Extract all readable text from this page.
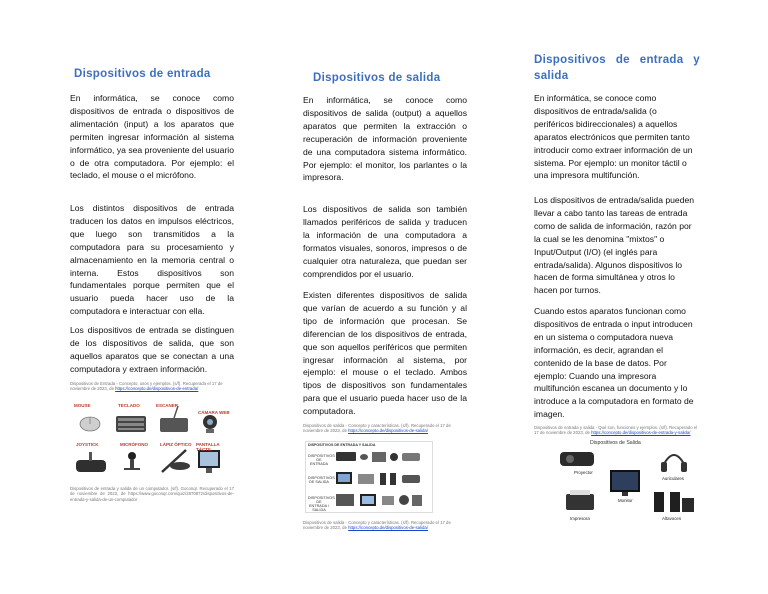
Dispositivos de entrada

En informática, se conoce como dispositivos de entrada o dispositivos de alimentación (input) a los aparatos que permiten ingresar información al sistema informático, ya sea proveniente del usuario o de otra computadora. Por ejemplo: el teclado, el mouse o el micrófono.

Los distintos dispositivos de entrada traducen los datos en impulsos eléctricos, que luego son transmitidos a la computadora para su procesamiento y almacenamiento en la memoria central o interna. Estos dispositivos son fundamentales porque permiten que el usuario pueda hacer uso de la computadora e interactuar con ella.

Los dispositivos de entrada se distinguen de los dispositivos de salida, que son aquellos aparatos que se conectan a una computadora y extraen información.

Dispositivos de Entrada - Concepto, usos y ejemplos. (s/f). Recuperado el 17 de noviembre de 2023, de https://concepto.de/dispositivos-de-entrada/
MOUSE	TECLADO	ESCANER
CÁMARA WEB
JOYSTICK	MICRÓFONO	LÁPIZ ÓPTICO PANTALLA TÁCTIL
Dispositivos de entrada y salida de un computador. (s/f). Goconqr. Recuperado el 17 de noviembre de 2023, de https://www.goconqr.com/quiz/2870872/dispositivos-de-entrada-y-salida-de-un-computador
Dispositivos de salida

En informática, se conoce como dispositivos de salida (output) a aquellos aparatos que permiten la extracción o recuperación de información proveniente de una computadora sistema informático. Por ejemplo: el monitor, los parlantes o la impresora.

Los dispositivos de salida son también llamados periféricos de salida y traducen la información de una computadora a formatos visuales, sonoros, impresos o de cualquier otra naturaleza, que puedan ser comprendidos por el usuario.

Existen diferentes dispositivos de salida que varían de acuerdo a su función y al tipo de información que procesan. Se diferencian de los dispositivos de entrada, que son aquellos periféricos que permiten ingresar información al sistema, por ejemplo: el mouse o el teclado. Ambos tipos de dispositivos son fundamentales para que el usuario pueda hacer uso de la computadora.

Dispositivos de salida - Concepto y características. (s/f). Recuperado el 17 de noviembre de 2023, de https://concepto.de/dispositivos-de-salida/
DISPOSITIVOS DE ENTRADA Y SALIDA
DISPOSITIVOS DE ENTRADA
DISPOSITIVOS DE SALIDA
DISPOSITIVOS DE ENTRADA / SALIDA
Dispositivos de salida - Concepto y características. (s/f). Recuperado el 17 de noviembre de 2023, de https://concepto.de/dispositivos-de-salida/
Dispositivos de entrada y salida

En informática, se conoce como dispositivos de entrada/salida (o periféricos bidireccionales) a aquellos aparatos electrónicos que permiten tanto introducir como extraer información de un sistema. Por ejemplo: un monitor táctil o una impresora multifunción.

Los dispositivos de entrada/salida pueden llevar a cabo tanto las tareas de entrada como de salida de información, razón por la cual se les denomina "mixtos" o Input/Output (I/O) (el inglés para entrada/salida). Algunos dispositivos lo hacen de forma simultánea y otros lo hacen por turnos.

Cuando estos aparatos funcionan como dispositivos de entrada o input introducen en un sistema o computadora nueva información, es decir, agrandan el contenido de la base de datos. Por ejemplo: Cuando una impresora multifunción escanea un documento y lo introduce a la computadora en formato de imagen.

Dispositivos de entrada y salida - Qué son, funciones y ejemplos. (s/f). Recuperado el 17 de noviembre de 2023, de https://concepto.de/dispositivos-de-entrada-y-salida/
Dispositivos de Salida
Proyector
Auriculares
Monitor
Impresora	Altavoces
